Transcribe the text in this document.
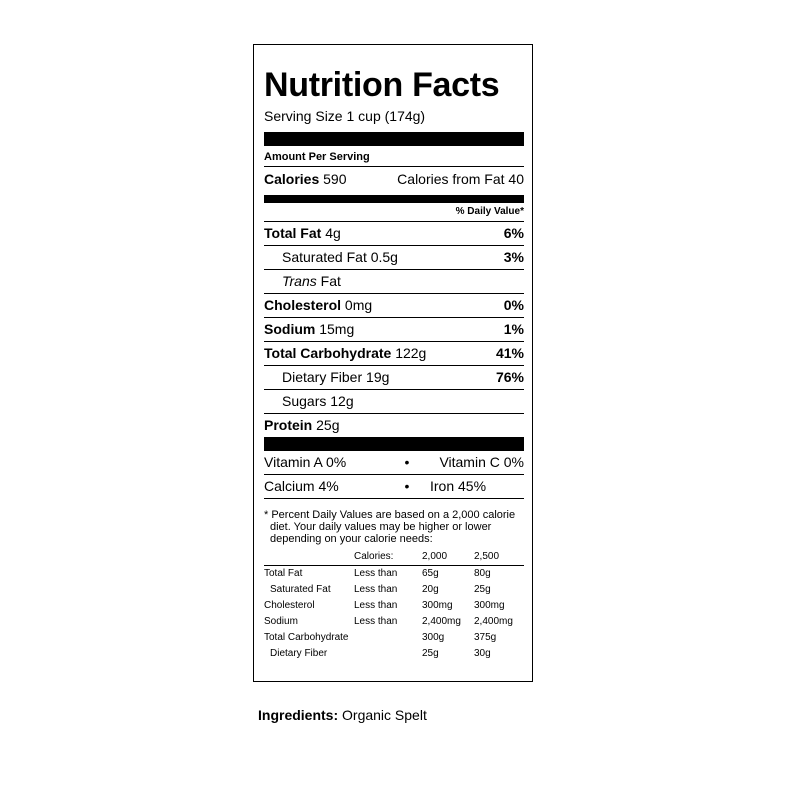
Nutrition Facts
Serving Size 1 cup (174g)
Amount Per Serving
Calories 590	Calories from Fat 40
% Daily Value*
Total Fat 4g	6%
Saturated Fat 0.5g	3%
Trans Fat
Cholesterol 0mg	0%
Sodium 15mg	1%
Total Carbohydrate 122g	41%
Dietary Fiber 19g	76%
Sugars 12g
Protein 25g
Vitamin A 0%	•	Vitamin C 0%
Calcium 4%	•	Iron 45%
* Percent Daily Values are based on a 2,000 calorie
diet. Your daily values may be higher or lower
depending on your calorie needs:
	Calories:	2,000	2,500
Total Fat	Less than	65g	80g
Saturated Fat	Less than	20g	25g
Cholesterol	Less than	300mg	300mg
Sodium	Less than	2,400mg	2,400mg
Total Carbohydrate		300g	375g
Dietary Fiber		25g	30g
Ingredients: Organic Spelt
